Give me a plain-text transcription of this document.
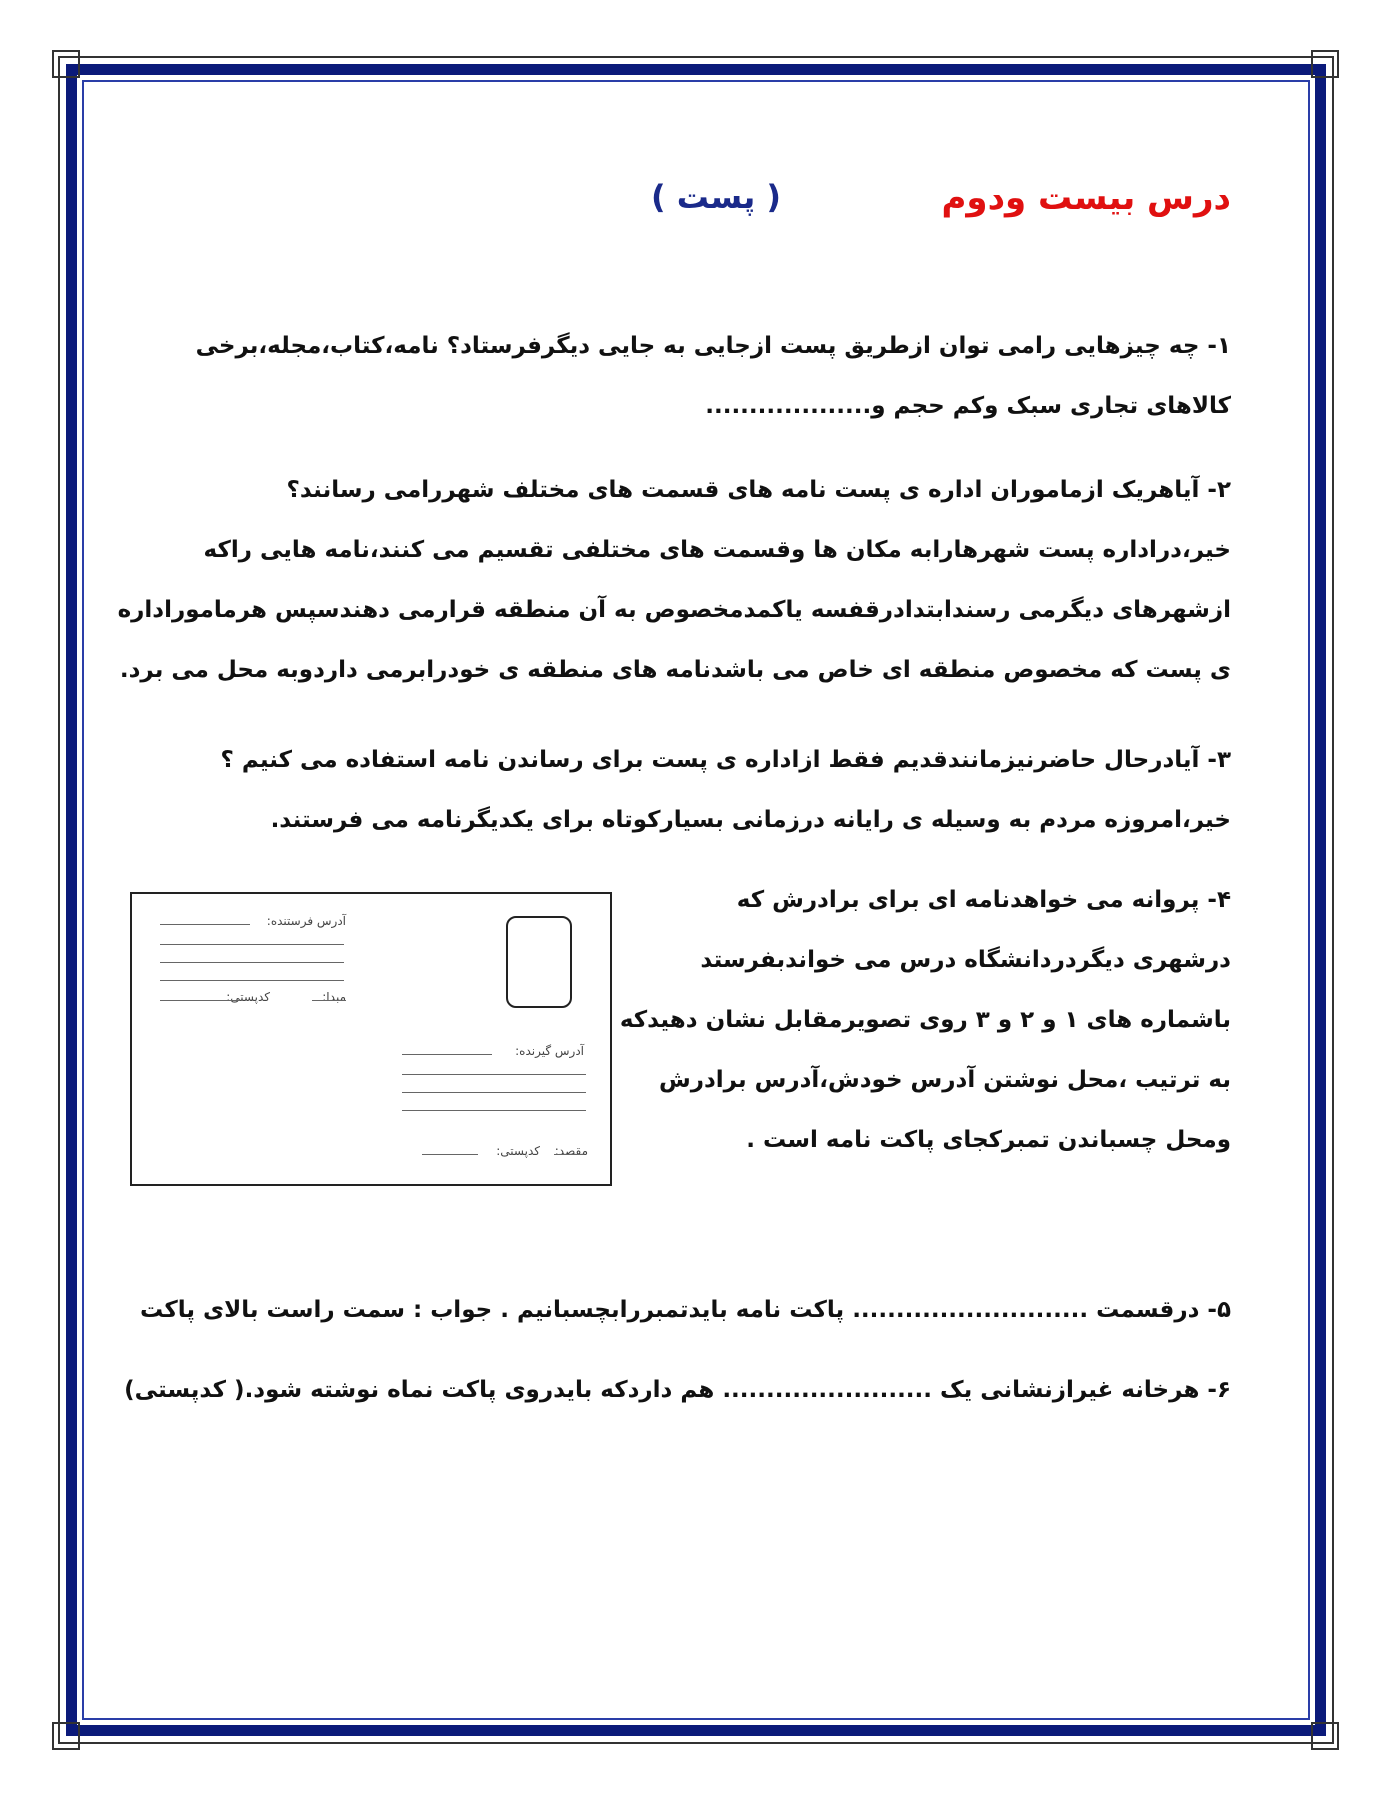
درس بیست ودوم
( پست )
۱- چه چیزهایی رامی توان ازطریق پست ازجایی به جایی دیگرفرستاد؟ نامه،کتاب،مجله،برخی
کالاهای تجاری سبک وکم حجم و...................
۲- آیاهریک ازماموران اداره ی پست نامه های قسمت های مختلف شهررامی رسانند؟
خیر،دراداره پست شهرهارابه مکان ها وقسمت های مختلفی تقسیم می کنند،نامه هایی راکه
ازشهرهای دیگرمی رسندابتدادرقفسه یاکمدمخصوص به آن منطقه قرارمی دهندسپس هرماموراداره
ی پست که مخصوص منطقه ای خاص می باشدنامه های منطقه ی خودرابرمی داردوبه محل می برد.
۳- آیادرحال حاضرنیزمانندقدیم فقط ازاداره ی پست برای رساندن نامه استفاده می کنیم ؟
خیر،امروزه مردم به وسیله ی رایانه درزمانی بسیارکوتاه برای یکدیگرنامه می فرستند.
۴- پروانه می خواهدنامه ای برای برادرش که
درشهری دیگردردانشگاه درس می خواندبفرستد
باشماره های ۱ و ۲ و ۳ روی تصویرمقابل نشان دهیدکه
به ترتیب ،محل نوشتن آدرس خودش،آدرس برادرش
ومحل چسباندن تمبرکجای پاکت نامه است .
آدرس فرستنده:
مبدا:
کدپستی:
آدرس گیرنده:
مقصد:
کدپستی:
۵- درقسمت ........................... پاکت نامه بایدتمبررابچسبانیم . جواب : سمت راست بالای پاکت
۶- هرخانه غیرازنشانی یک ........................ هم داردکه بایدروی پاکت نماه نوشته شود.( کدپستی)
